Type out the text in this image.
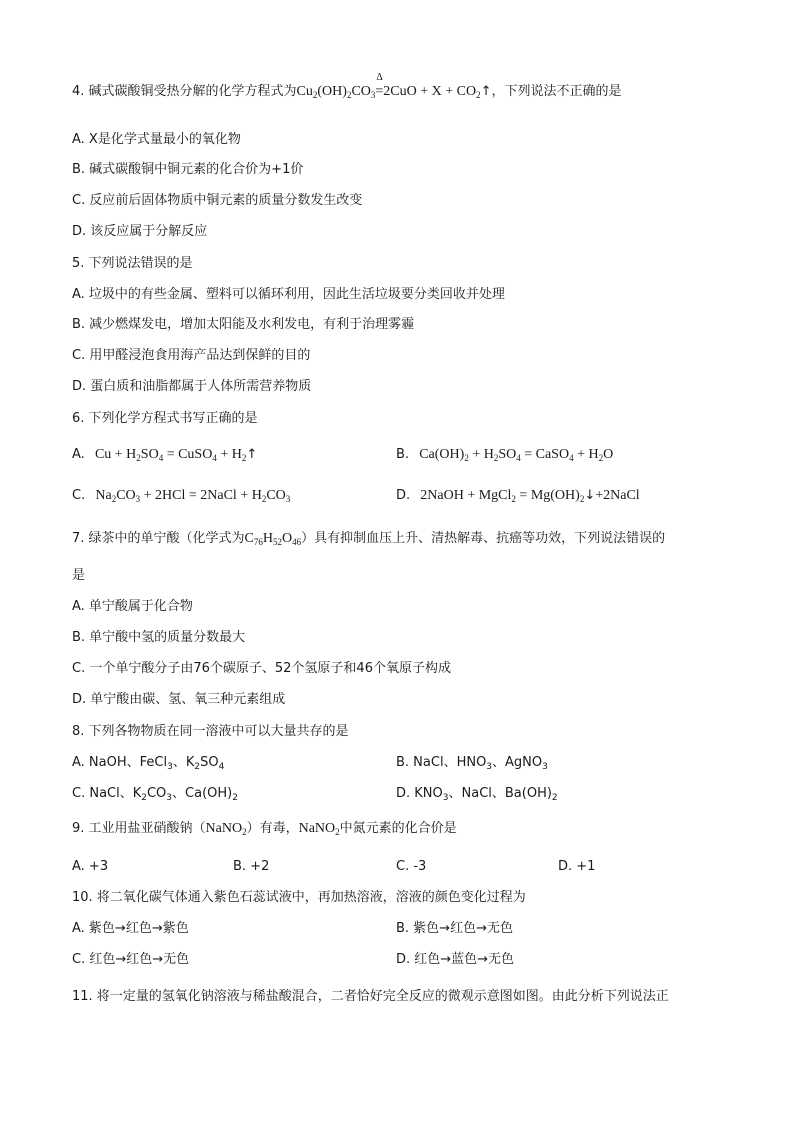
4. 碱式碳酸铜受热分解的化学方程式为$Cu_2(OH)_2CO_3$
Δ
$=2CuO + X + CO_2↑$，下列说法不正确的是
A. X是化学式量最小的氧化物
B. 碱式碳酸铜中铜元素的化合价为+1价
C. 反应前后固体物质中铜元素的质量分数发生改变
D. 该反应属于分解反应
5. 下列说法错误的是
A. 垃圾中的有些金属、塑料可以循环利用，因此生活垃圾要分类回收并处理
B. 减少燃煤发电，增加太阳能及水利发电，有利于治理雾霾
C. 用甲醛浸泡食用海产品达到保鲜的目的
D. 蛋白质和油脂都属于人体所需营养物质
6. 下列化学方程式书写正确的是
A. $Cu + H_2SO_4$ = CuSO$_4$ + $H_2↑$	B. $Ca(OH)_2 + H_2SO_4$ = CaSO$_4$ + $H_2O$
C. $Na_2CO_3 + 2HCl$ = 2NaCl + $H_2CO_3$	D. 2NaOH + MgCl$_2$ = $Mg(OH)_2↓+2NaCl$
7. 绿茶中的单宁酸（化学式为$C_{76}H_{52}O_{46}$）具有抑制血压上升、清热解毒、抗癌等功效，下列说法错误的
是
A. 单宁酸属于化合物
B. 单宁酸中氢的质量分数最大
C. 一个单宁酸分子由76个碳原子、52个氢原子和46个氧原子构成
D. 单宁酸由碳、氢、氧三种元素组成
8. 下列各物物质在同一溶液中可以大量共存的是
A. NaOH、FeCl$_3$、$K_2SO_4$	B. NaCl、$HNO_3$、AgNO$_3$
C. NaCl、$K_2CO_3$、$Ca(OH)_2$	D. $KNO_3$、NaCl、$Ba(OH)_2$
9. 工业用盐亚硝酸钠（NaNO$_2$）有毒，NaNO$_2$中氮元素的化合价是
A. +3	B. +2	C. -3	D. +1
10. 将二氧化碳气体通入紫色石蕊试液中，再加热溶液，溶液的颜色变化过程为
A. 紫色→红色→紫色	B. 紫色→红色→无色
C. 红色→红色→无色	D. 红色→蓝色→无色
11. 将一定量的氢氧化钠溶液与稀盐酸混合，二者恰好完全反应的微观示意图如图。由此分析下列说法正
